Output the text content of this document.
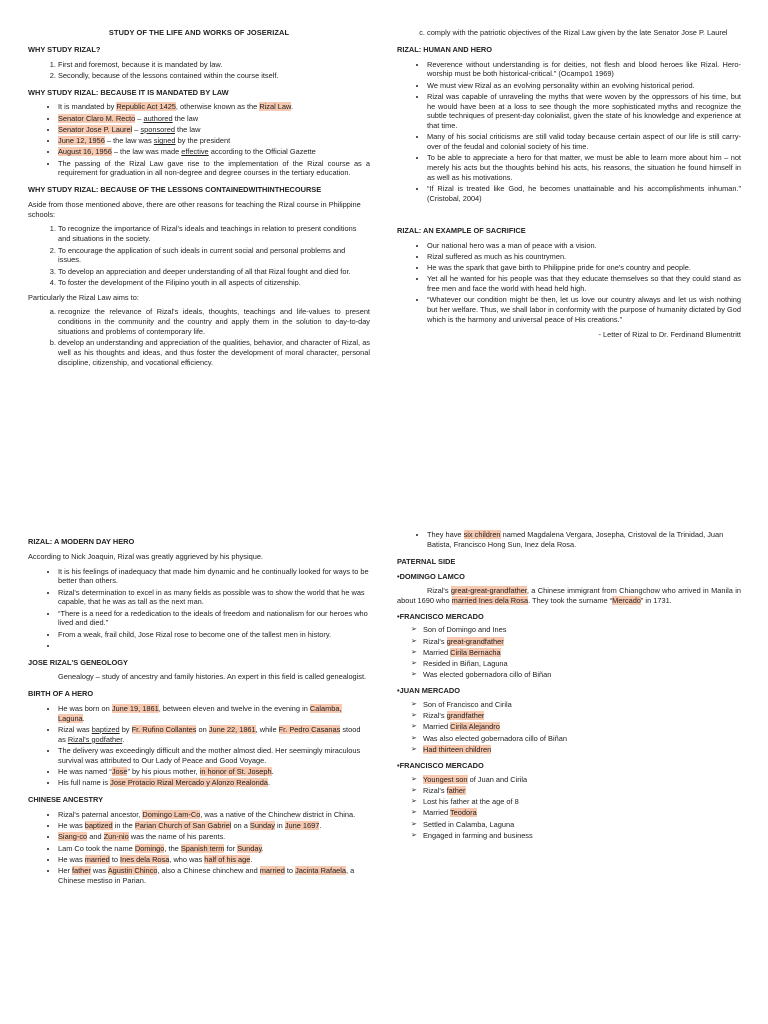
STUDY OF THE LIFE AND WORKS OF JOSERIZAL
WHY STUDY RIZAL?
1. First and foremost, because it is mandated by law.
2. Secondly, because of the lessons contained within the course itself.
WHY STUDY RIZAL: BECAUSE IT IS MANDATED BY LAW
• It is mandated by Republic Act 1425, otherwise known as the Rizal Law.
• Senator Claro M. Recto – authored the law
• Senator Jose P. Laurel – sponsored the law
• June 12, 1956 – the law was signed by the president
• August 16, 1956 – the law was made effective according to the Official Gazette
• The passing of the Rizal Law gave rise to the implementation of the Rizal course as a requirement for graduation in all non-degree and degree courses in the tertiary education.
WHY STUDY RIZAL: BECAUSE OF THE LESSONS CONTAINEDWITHINTHECOURSE

Aside from those mentioned above, there are other reasons for teaching the Rizal course in Philippine schools:

1. To recognize the importance of Rizal's ideals and teachings in relation to present conditions and situations in the society.
2. To encourage the application of such ideals in current social and personal problems and issues.
3. To develop an appreciation and deeper understanding of all that Rizal fought and died for.
4. To foster the development of the Filipino youth in all aspects of citizenship.

Particularly the Rizal Law aims to:

a. recognize the relevance of Rizal's ideals, thoughts, teachings and life-values to present conditions in the community and the country and apply them in the solution to day-to-day situations and problems of contemporary life.
b. develop an understanding and appreciation of the qualities, behavior, and character of Rizal, as well as his thoughts and ideas, and thus foster the development of moral character, personal discipline, citizenship, and vocational efficiency.
c. comply with the patriotic objectives of the Rizal Law given by the late Senator Jose P. Laurel
RIZAL: HUMAN AND HERO
• Reverence without understanding is for deities, not flesh and blood heroes like Rizal. Hero-worship must be both historical-critical.” (Ocampo1 1969)
• We must view Rizal as an evolving personality within an evolving historical period.
• Rizal was capable of unraveling the myths that were woven by the oppressors of his time, but he would have been at a loss to see though the more sophisticated myths and recognize the subtle techniques of present-day colonialist, given the state of his knowledge and experience at that time.
• Many of his social criticisms are still valid today because certain aspect of our life is still carry-over of the feudal and colonial society of his time.
• To be able to appreciate a hero for that matter, we must be able to learn more about him – not merely his acts but the thoughts behind his acts, his reasons, the situation he found himself in as well as his motivations.
• “If Rizal is treated like God, he becomes unattainable and his accomplishments inhuman.” (Cristobal, 2004)
RIZAL: AN EXAMPLE OF SACRIFICE
• Our national hero was a man of peace with a vision.
• Rizal suffered as much as his countrymen.
• He was the spark that gave birth to Philippine pride for one's country and people.
• Yet all he wanted for his people was that they educate themselves so that they could stand as free men and face the world with head held high.
• “Whatever our condition might be then, let us love our country always and let us wish nothing but her welfare. Thus, we shall labor in conformity with the purpose of humanity dictated by God which is the harmony and universal peace of His creations.”
- Letter of Rizal to Dr. Ferdinand Blumentritt
RIZAL: A MODERN DAY HERO

According to Nick Joaquin, Rizal was greatly aggrieved by his physique.

• It is his feelings of inadequacy that made him dynamic and he continually looked for ways to be better than others.
• Rizal's determination to excel in as many fields as possible was to show the world that he was capable, that he was as tall as the next man.
• “There is a need for a rededication to the ideals of freedom and nationalism for our heroes who lived and died.”
• From a weak, frail child, Jose Rizal rose to become one of the tallest men in history.
•
JOSE RIZAL'S GENEOLOGY

Genealogy – study of ancestry and family histories. An expert in this field is called genealogist.

BIRTH OF A HERO
• He was born on June 19, 1861, between eleven and twelve in the evening in Calamba, Laguna.
• Rizal was baptized by Fr. Rufino Collantes on June 22, 1861, while Fr. Pedro Casanas stood as Rizal's godfather.
• The delivery was exceedingly difficult and the mother almost died. Her seemingly miraculous survival was attributed to Our Lady of Peace and Good Voyage.
• He was named “Jose” by his pious mother, in honor of St. Joseph.
• His full name is Jose Protacio Rizal Mercado y Alonzo Realonda.
CHINESE ANCESTRY
• Rizal's paternal ancestor, Domingo Lam-Co, was a native of the Chinchew district in China.
• He was baptized in the Parian Church of San Gabriel on a Sunday in June 1697.
• Siang-co and Zun-nio was the name of his parents.
• Lam Co took the name Domingo, the Spanish term for Sunday.
• He was married to Ines dela Rosa, who was half of his age.
• Her father was Agustin Chinco, also a Chinese chinchew and married to Jacinta Rafaela, a Chinese mestiso in Parian.
• They have six children named Magdalena Vergara, Josepha, Cristoval de la Trinidad, Juan Batista, Francisco Hong Sun, Inez dela Rosa.
PATERNAL SIDE
• DOMINGO LAMCO

Rizal's great-great-grandfather, a Chinese immigrant from Chiangchow who arrived in Manila in about 1690 who married Ines dela Rosa. They took the surname “Mercado” in 1731.

• FRANCISCO MERCADO
➢ Son of Domingo and Ines
➢ Rizal's great-grandfather
➢ Married Cirila Bernacha
➢ Resided in Biñan, Laguna
➢ Was elected gobernadora cillo of Biñan
• JUAN MERCADO
➢ Son of Francisco and Cirila
➢ Rizal's grandfather
➢ Married Cirila Alejandro
➢ Was also elected gobernadora cillo of Biñan
➢ Had thirteen children
• FRANCISCO MERCADO
➢ Youngest son of Juan and Cirila
➢ Rizal's father
➢ Lost his father at the age of 8
➢ Married Teodora
➢ Settled in Calamba, Laguna
➢ Engaged in farming and business
